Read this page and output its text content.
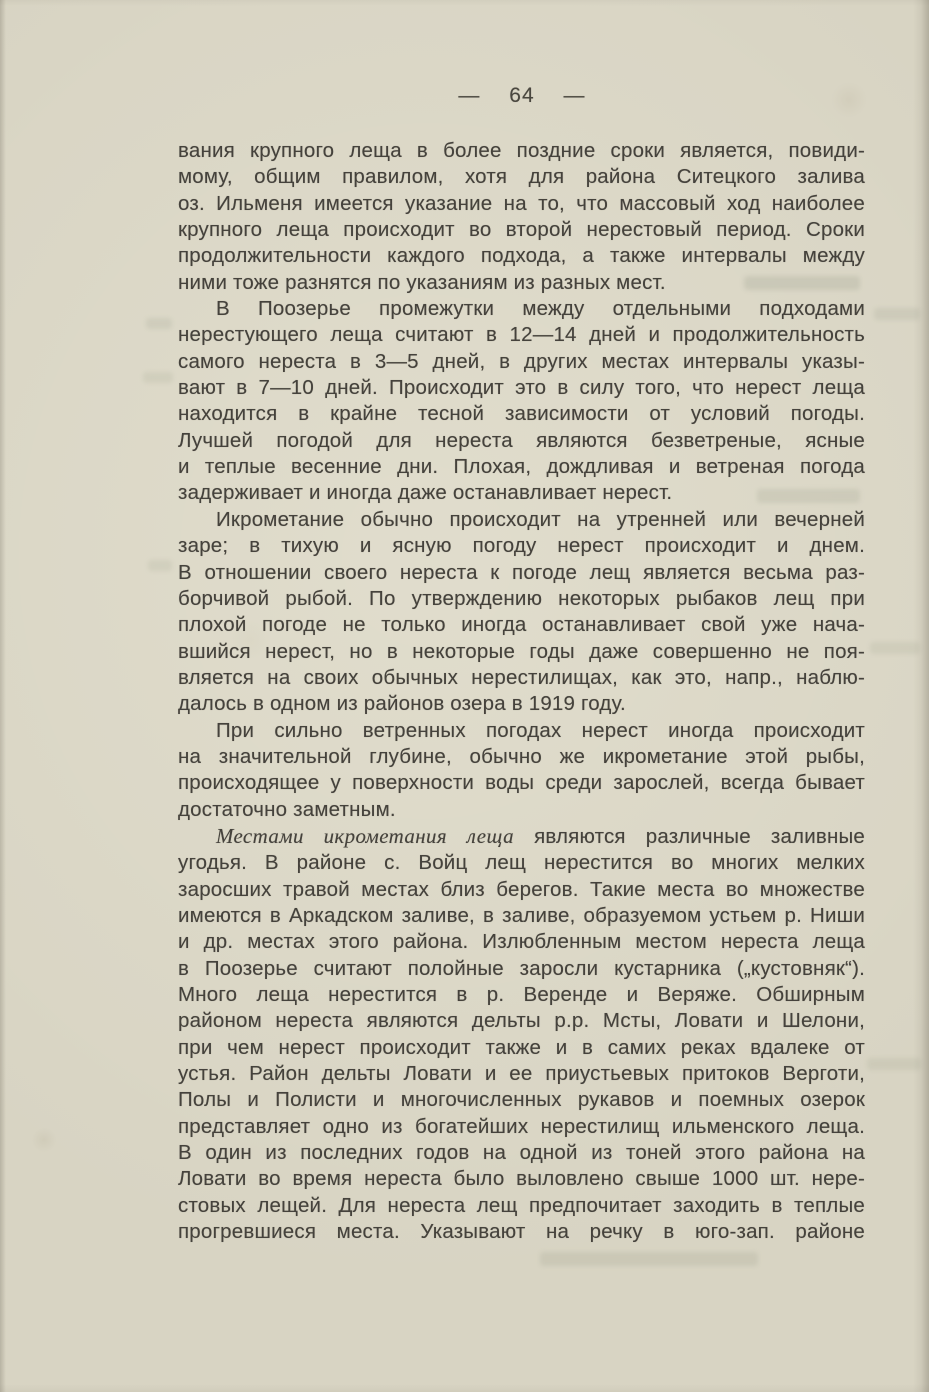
— 64 —
вания крупного леща в более поздние сроки является, повиди-
мому, общим правилом, хотя для района Ситецкого залива
оз. Ильменя имеется указание на то, что массовый ход наиболее
крупного леща происходит во второй нерестовый период. Сроки
продолжительности каждого подхода, а также интервалы между
ними тоже разнятся по указаниям из разных мест.
В Поозерье промежутки между отдельными подходами
нерестующего леща считают в 12—14 дней и продолжительность
самого нереста в 3—5 дней, в других местах интервалы указы-
вают в 7—10 дней. Происходит это в силу того, что нерест леща
находится в крайне тесной зависимости от условий погоды.
Лучшей погодой для нереста являются безветреные, ясные
и теплые весенние дни. Плохая, дождливая и ветреная погода
задерживает и иногда даже останавливает нерест.
Икрометание обычно происходит на утренней или вечерней
заре; в тихую и ясную погоду нерест происходит и днем.
В отношении своего нереста к погоде лещ является весьма раз-
борчивой рыбой. По утверждению некоторых рыбаков лещ при
плохой погоде не только иногда останавливает свой уже нача-
вшийся нерест, но в некоторые годы даже совершенно не поя-
вляется на своих обычных нерестилищах, как это, напр., наблю-
далось в одном из районов озера в 1919 году.
При сильно ветренных погодах нерест иногда происходит
на значительной глубине, обычно же икрометание этой рыбы,
происходящее у поверхности воды среди зарослей, всегда бывает
достаточно заметным.
Местами икрометания леща являются различные заливные
угодья. В районе с. Войц лещ нерестится во многих мелких
заросших травой местах близ берегов. Такие места во множестве
имеются в Аркадском заливе, в заливе, образуемом устьем р. Ниши
и др. местах этого района. Излюбленным местом нереста леща
в Поозерье считают полойные заросли кустарника („кустовняк“).
Много леща нерестится в р. Веренде и Веряже. Обширным
районом нереста являются дельты р.р. Мсты, Ловати и Шелони,
при чем нерест происходит также и в самих реках вдалеке от
устья. Район дельты Ловати и ее приустьевых притоков Верготи,
Полы и Полисти и многочисленных рукавов и поемных озерок
представляет одно из богатейших нерестилищ ильменского леща.
В один из последних годов на одной из тоней этого района на
Ловати во время нереста было выловлено свыше 1000 шт. нере-
стовых лещей. Для нереста лещ предпочитает заходить в теплые
прогревшиеся места. Указывают на речку в юго-зап. районе
